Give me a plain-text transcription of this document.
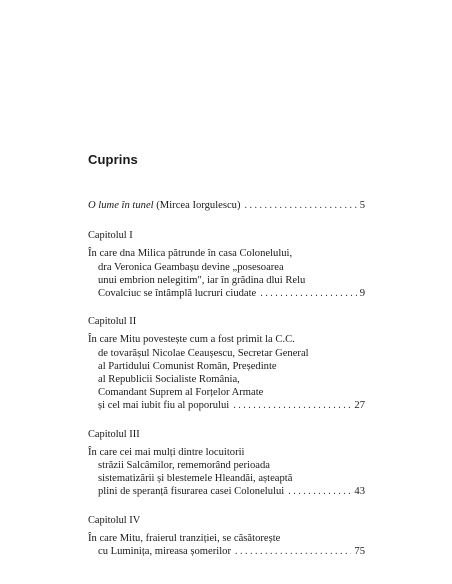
Cuprins
O lume în tunel (Mircea Iorgulescu) . . .	5
Capitolul I
În care dna Milica pătrunde în casa Colonelului,
dra Veronica Geambașu devine „posesoarea
unui embrion nelegitim", iar în grădina dlui Relu
Covalciuc se întâmplă lucruri ciudate . . .	9
Capitolul II
În care Mitu povestește cum a fost primit la C.C.
de tovarășul Nicolae Ceaușescu, Secretar General
al Partidului Comunist Român, Președinte
al Republicii Socialiste România,
Comandant Suprem al Forțelor Armate
și cel mai iubit fiu al poporului . . .	27
Capitolul III
În care cei mai mulți dintre locuitorii
străzii Salcâmilor, rememorând perioada
sistematizării și blestemele Hleandăi, așteaptă
plini de speranță fisurarea casei Colonelului . . .	43
Capitolul IV
În care Mitu, fraierul tranziției, se căsătorește
cu Luminița, mireasa șomerilor . . .	75
